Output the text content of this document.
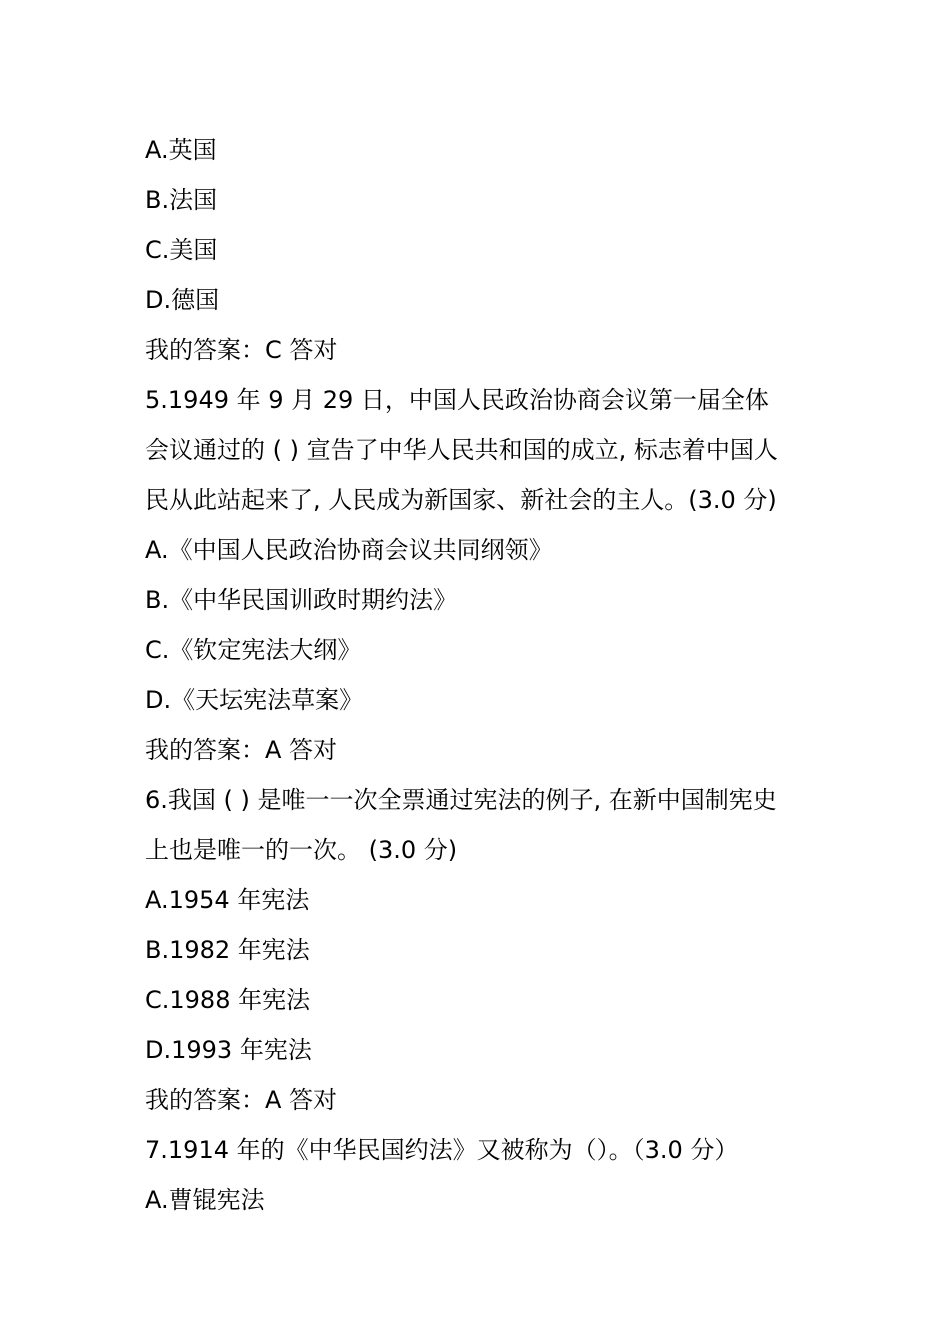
A.英国
B.法国
C.美国
D.德国
我的答案：C 答对
5.1949 年 9 月 29 日，中国人民政治协商会议第一届全体
会议通过的 ( ) 宣告了中华人民共和国的成立, 标志着中国人
民从此站起来了, 人民成为新国家、新社会的主人。(3.0 分)
A.《中国人民政治协商会议共同纲领》
B.《中华民国训政时期约法》
C.《钦定宪法大纲》
D.《天坛宪法草案》
我的答案：A 答对
6.我国 ( ) 是唯一一次全票通过宪法的例子, 在新中国制宪史
上也是唯一的一次。 (3.0 分)
A.1954 年宪法
B.1982 年宪法
C.1988 年宪法
D.1993 年宪法
我的答案：A 答对
7.1914 年的《中华民国约法》又被称为（）。（3.0 分）
A.曹锟宪法
